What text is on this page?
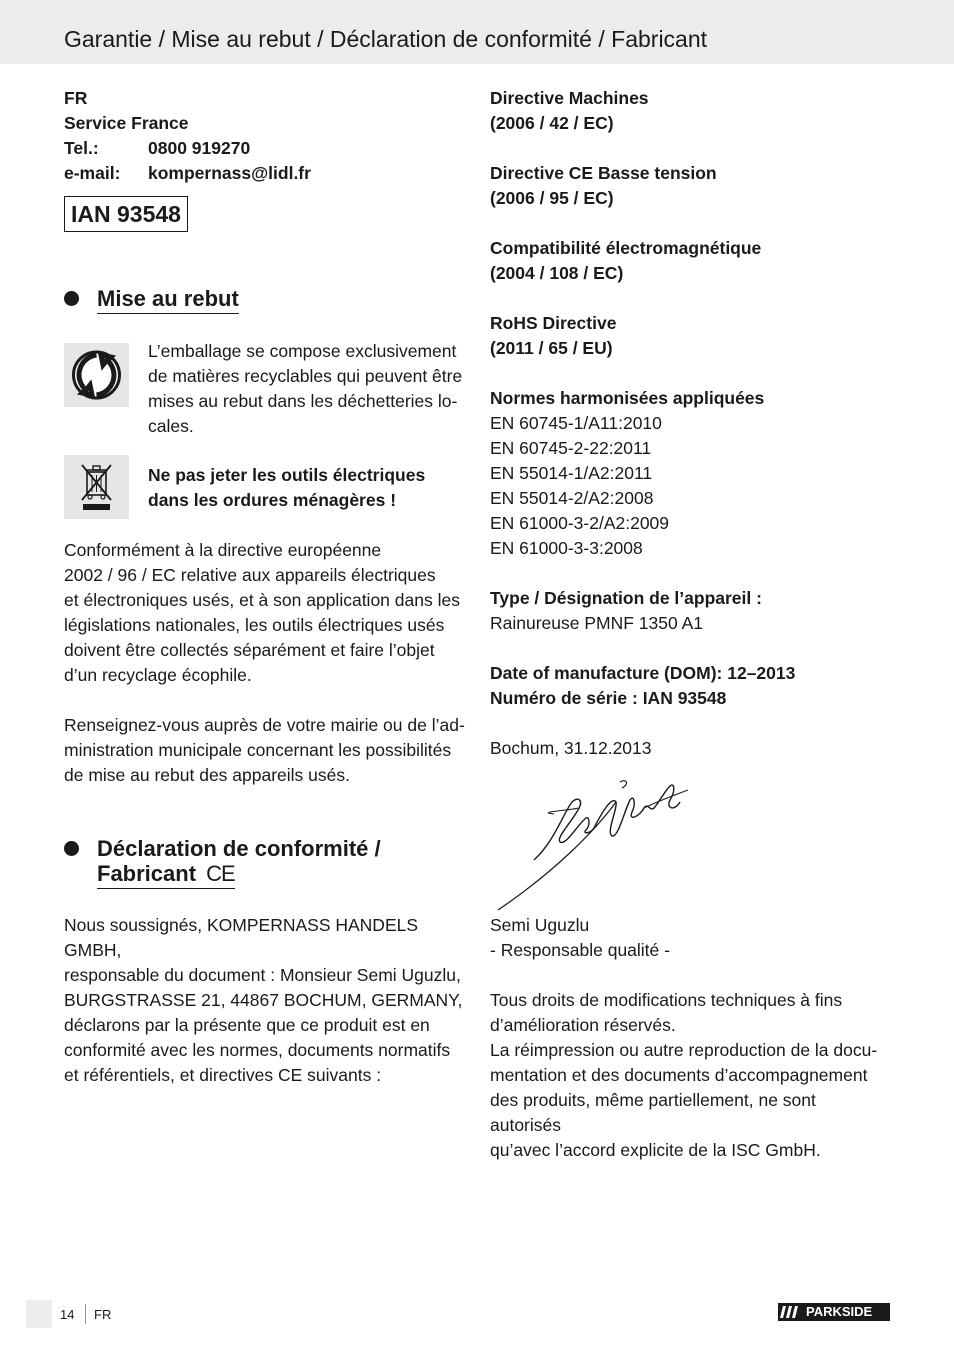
Garantie / Mise au rebut / Déclaration de conformité / Fabricant
FR
Service France
Tel.:	0800 919270
e-mail:	kompernass@lidl.fr
IAN 93548
Mise au rebut
L’emballage se compose exclusivement
de matières recyclables qui peuvent être
mises au rebut dans les déchetteries lo-
cales.
Ne pas jeter les outils électriques
dans les ordures ménagères !
Conformément à la directive européenne
2002 / 96 / EC relative aux appareils électriques
et électroniques usés, et à son application dans les
législations nationales, les outils électriques usés
doivent être collectés séparément et faire l’objet
d’un recyclage écophile.
Renseignez-vous auprès de votre mairie ou de l’ad-
ministration municipale concernant les possibilités
de mise au rebut des appareils usés.
Déclaration de conformité /
Fabricant CE
Nous soussignés, KOMPERNASS HANDELS GMBH,
responsable du document : Monsieur Semi Uguzlu,
BURGSTRASSE 21, 44867 BOCHUM, GERMANY,
déclarons par la présente que ce produit est en
conformité avec les normes, documents normatifs
et référentiels, et directives CE suivants :
Directive Machines
(2006 / 42 / EC)
Directive CE Basse tension
(2006 / 95 / EC)
Compatibilité électromagnétique
(2004 / 108 / EC)
RoHS Directive
(2011 / 65 / EU)
Normes harmonisées appliquées
EN 60745-1/A11:2010
EN 60745-2-22:2011
EN 55014-1/A2:2011
EN 55014-2/A2:2008
EN 61000-3-2/A2:2009
EN 61000-3-3:2008
Type / Désignation de l’appareil :
Rainureuse PMNF 1350 A1
Date of manufacture (DOM): 12–2013
Numéro de série : IAN 93548
Bochum, 31.12.2013
Semi Uguzlu
- Responsable qualité -
Tous droits de modifications techniques à fins
d’amélioration réservés.
La réimpression ou autre reproduction de la docu-
mentation et des documents d’accompagnement
des produits, même partiellement, ne sont autorisés
qu’avec l’accord explicite de la ISC GmbH.
14 FR	PARKSIDE
